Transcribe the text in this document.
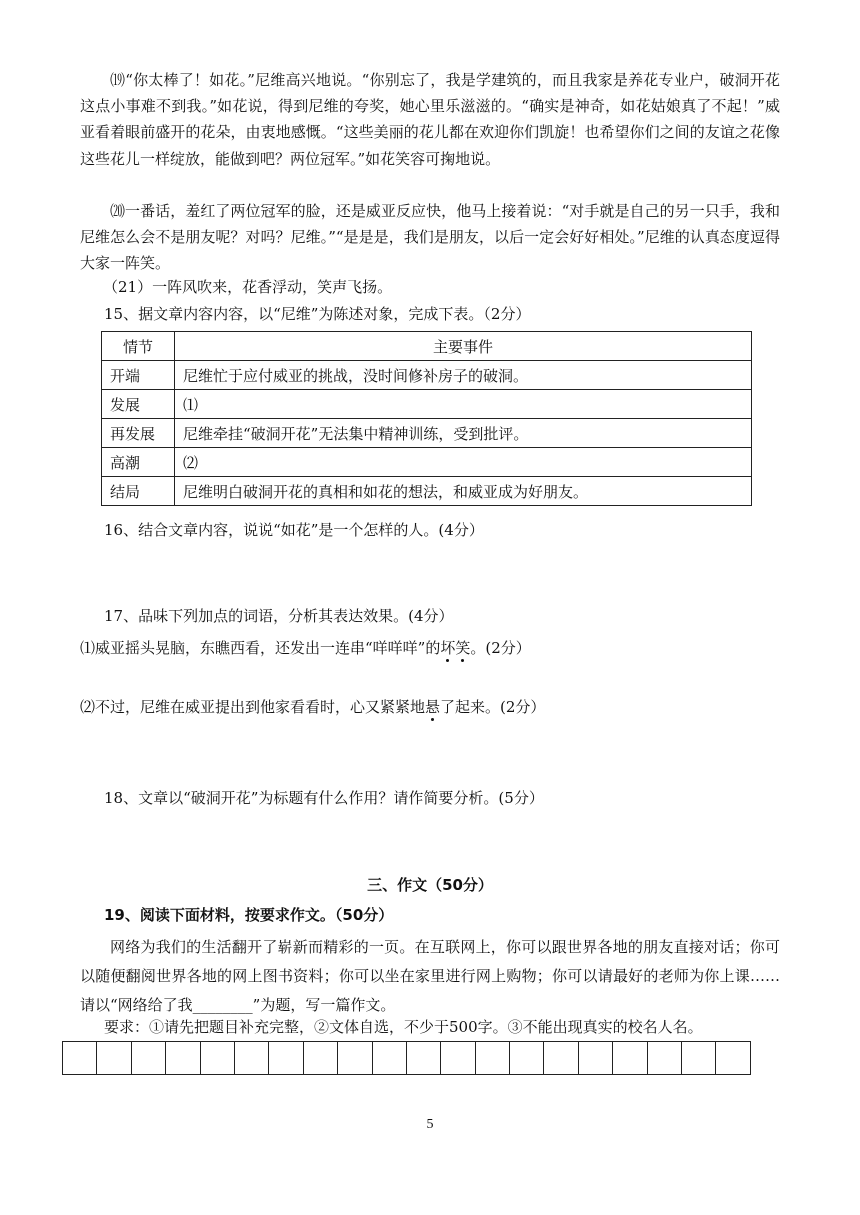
⒆“你太棒了！如花。”尼维高兴地说。“你别忘了，我是学建筑的，而且我家是养花专业户，破洞开花这点小事难不到我。”如花说，得到尼维的夸奖，她心里乐滋滋的。“确实是神奇，如花姑娘真了不起！”威亚看着眼前盛开的花朵，由衷地感慨。“这些美丽的花儿都在欢迎你们凯旋！也希望你们之间的友谊之花像这些花儿一样绽放，能做到吧？两位冠军。”如花笑容可掬地说。
⒇一番话，羞红了两位冠军的脸，还是威亚反应快，他马上接着说：“对手就是自己的另一只手，我和尼维怎么会不是朋友呢？对吗？尼维。”“是是是，我们是朋友，以后一定会好好相处。”尼维的认真态度逗得大家一阵笑。
（21）一阵风吹来，花香浮动，笑声飞扬。
15、据文章内容内容，以“尼维”为陈述对象，完成下表。（2分）
情节	主要事件
开端	尼维忙于应付威亚的挑战，没时间修补房子的破洞。
发展	⑴
再发展	尼维牵挂“破洞开花”无法集中精神训练，受到批评。
高潮	⑵
结局	尼维明白破洞开花的真相和如花的想法，和威亚成为好朋友。
16、结合文章内容，说说“如花”是一个怎样的人。(4分）
17、品味下列加点的词语，分析其表达效果。(4分）
⑴威亚摇头晃脑，东瞧西看，还发出一连串“咩咩咩”的坏笑。(2分）
⑵不过，尼维在威亚提出到他家看看时，心又紧紧地悬了起来。(2分）
18、文章以“破洞开花”为标题有什么作用？请作简要分析。(5分）
三、作文（50分）
19、阅读下面材料，按要求作文。（50分）
网络为我们的生活翻开了崭新而精彩的一页。在互联网上，你可以跟世界各地的朋友直接对话；你可以随便翻阅世界各地的网上图书资料；你可以坐在家里进行网上购物；你可以请最好的老师为你上课……请以“网络给了我________”为题，写一篇作文。
要求：①请先把题目补充完整，②文体自选，不少于500字。③不能出现真实的校名人名。
5
